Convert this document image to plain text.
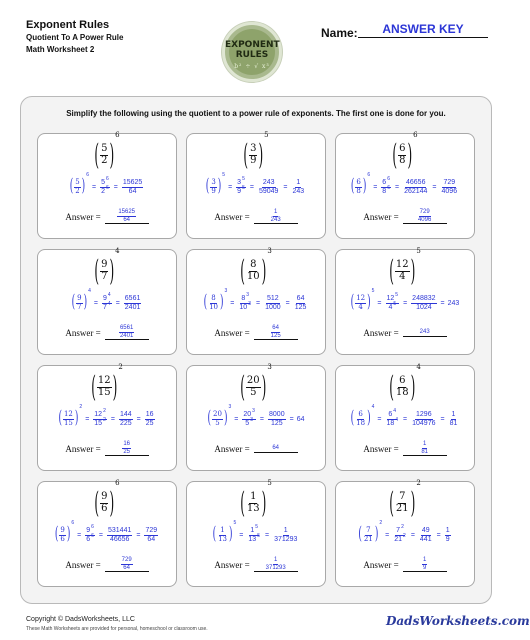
Exponent Rules
Quotient To A Power Rule
Math Worksheet 2	EXPONENT
RULES
b² ÷ √ x³
Name:	ANSWER KEY
Simplify the following using the quotient to a power rule of exponents. The first one is done for you.
( $\frac{5}{2}$ )
6
( $\frac{5}{2}$ )
6
= $\frac{5^6}{2^6} = \frac{15625}{64}$
Answer =	$\frac{15625}{64}$
( $\frac{3}{9}$ )
5
( $\frac{3}{9}$ )
5
= $\frac{3^5}{9^5} = \frac{243}{59049} = \frac{1}{243}$
Answer =	$\frac{1}{243}$
( $\frac{6}{8}$ )
6
( $\frac{6}{8}$ )
6
= $\frac{6^6}{8^6} = \frac{46656}{262144} = \frac{729}{4096}$
Answer =	$\frac{729}{4096}$
( $\frac{9}{7}$ )
4
( $\frac{9}{7}$ )
4
= $\frac{9^4}{7^4} = \frac{6561}{2401}$
Answer =	$\frac{6561}{2401}$
( $\frac{8}{10}$ )
3
( $\frac{8}{10}$ )
3
= $\frac{8^3}{10^3} = \frac{512}{1000} = \frac{64}{125}$
Answer =	$\frac{64}{125}$
( $\frac{12}{4}$ )
5
( $\frac{12}{4}$ )
5
= $\frac{12^5}{4^5} = \frac{248832}{1024} = 243$
Answer =	243
( $\frac{12}{15}$ )
2
( $\frac{12}{15}$ )
2
= $\frac{12^2}{15^2} = \frac{144}{225} = \frac{16}{25}$
Answer =	$\frac{16}{25}$
( $\frac{20}{5}$ )
3
( $\frac{20}{5}$ )
3
= $\frac{20^3}{5^3} = \frac{8000}{125} = 64$
Answer =	64
( $\frac{6}{18}$ )
4
( $\frac{6}{18}$ )
4
= $\frac{6^4}{18^4} = \frac{1296}{104976} = \frac{1}{81}$
Answer =	$\frac{1}{81}$
( $\frac{9}{6}$ )
6
( $\frac{9}{6}$ )
6
= $\frac{9^6}{6^6} = \frac{531441}{46656} = \frac{729}{64}$
Answer =	$\frac{729}{64}$
( $\frac{1}{13}$ )
5
( $\frac{1}{13}$ )
5
= $\frac{1^5}{13^5} = \frac{1}{371293}$
Answer = $\frac{1}{371293}$
( $\frac{7}{21}$ )
2
( $\frac{7}{21}$ )
2
= $\frac{7^2}{21^2} = \frac{49}{441} = \frac{1}{9}$
Answer =	$\frac{1}{9}$
Copyright © DadsWorksheets, LLC
These Math Worksheets are provided for personal, homeschool or classroom use.
DadsWorksheets.com
